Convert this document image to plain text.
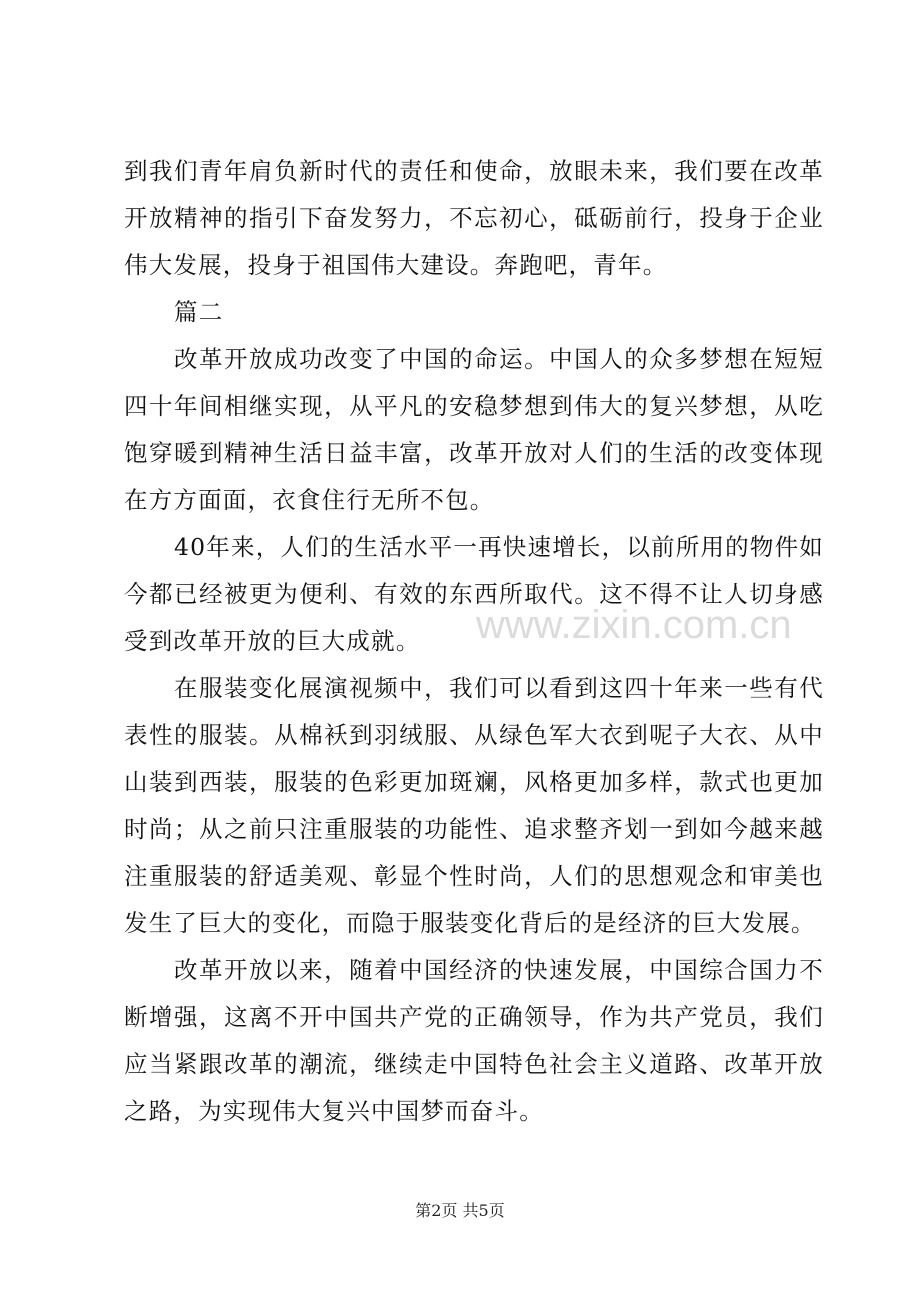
到我们青年肩负新时代的责任和使命，放眼未来，我们要在改革开放精神的指引下奋发努力，不忘初心，砥砺前行，投身于企业伟大发展，投身于祖国伟大建设。奔跑吧，青年。

篇二

改革开放成功改变了中国的命运。中国人的众多梦想在短短四十年间相继实现，从平凡的安稳梦想到伟大的复兴梦想，从吃饱穿暖到精神生活日益丰富，改革开放对人们的生活的改变体现在方方面面，衣食住行无所不包。

40年来，人们的生活水平一再快速增长，以前所用的物件如今都已经被更为便利、有效的东西所取代。这不得不让人切身感受到改革开放的巨大成就。

在服装变化展演视频中，我们可以看到这四十年来一些有代表性的服装。从棉袄到羽绒服、从绿色军大衣到呢子大衣、从中山装到西装，服装的色彩更加斑斓，风格更加多样，款式也更加时尚；从之前只注重服装的功能性、追求整齐划一到如今越来越注重服装的舒适美观、彰显个性时尚，人们的思想观念和审美也发生了巨大的变化，而隐于服装变化背后的是经济的巨大发展。

改革开放以来，随着中国经济的快速发展，中国综合国力不断增强，这离不开中国共产党的正确领导，作为共产党员，我们应当紧跟改革的潮流，继续走中国特色社会主义道路、改革开放之路，为实现伟大复兴中国梦而奋斗。

www.zixin.com.cn
第2页 共5页
